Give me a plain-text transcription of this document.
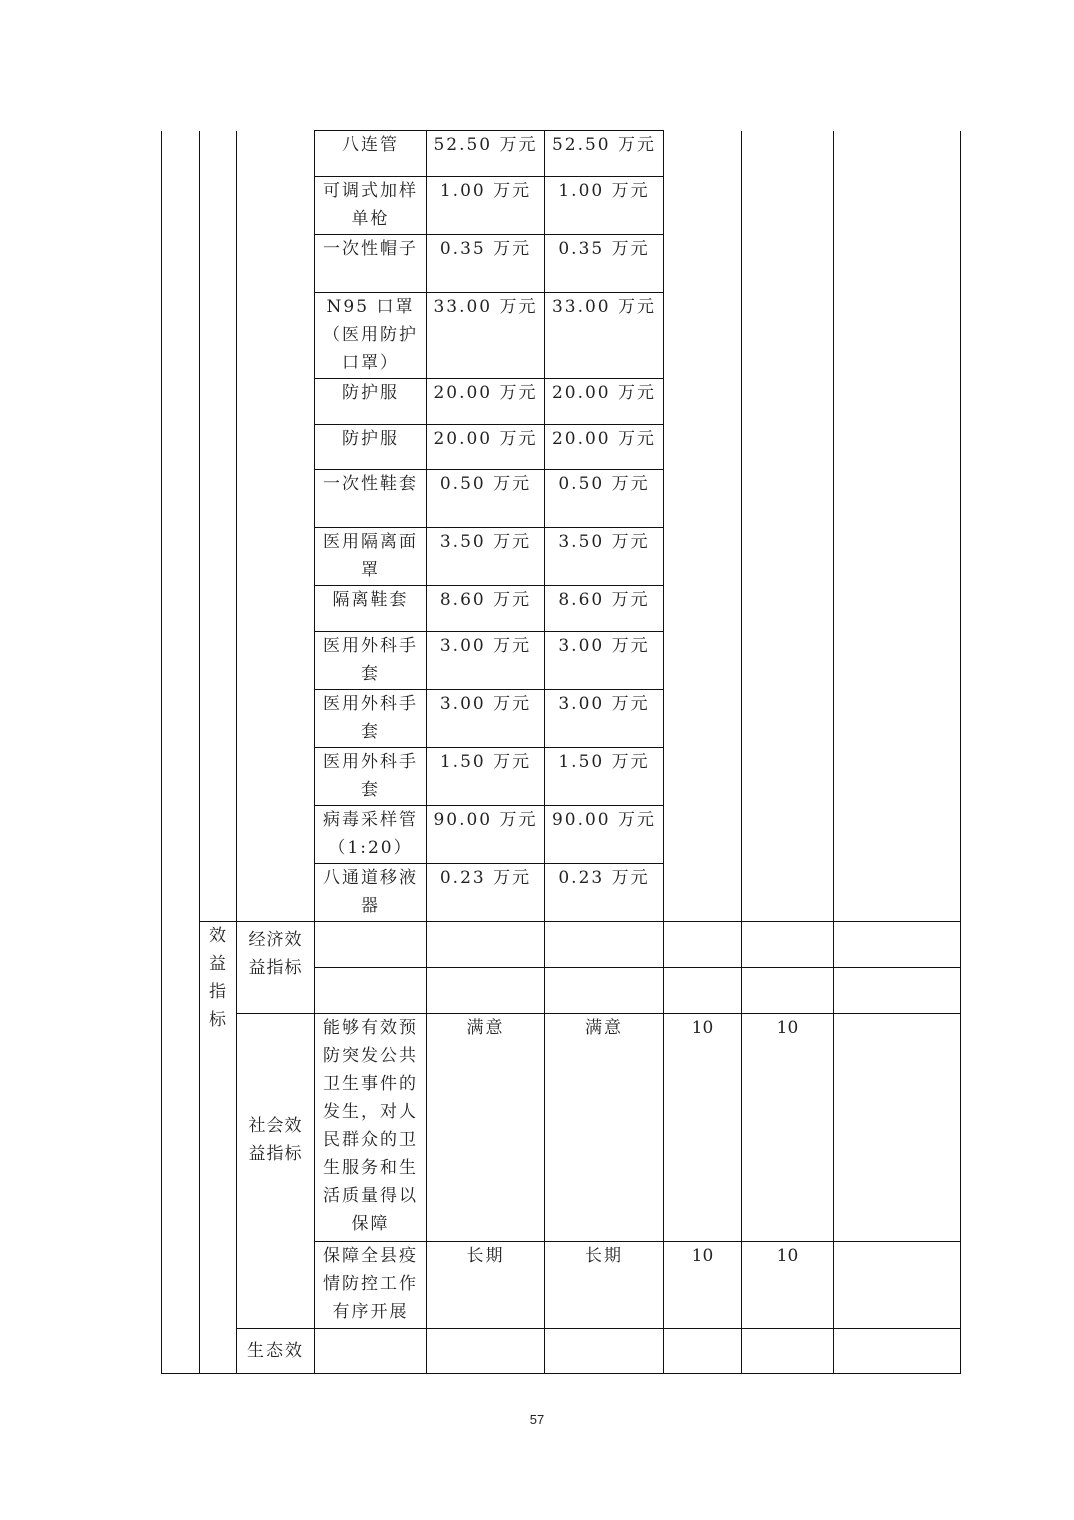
			八连管	52.50 万元	52.50 万元			
			可调式加样单枪	1.00 万元	1.00 万元			
			一次性帽子	0.35 万元	0.35 万元			
			N95 口罩（医用防护口罩）	33.00 万元	33.00 万元			
			防护服	20.00 万元	20.00 万元			
			防护服	20.00 万元	20.00 万元			
			一次性鞋套	0.50 万元	0.50 万元			
			医用隔离面罩	3.50 万元	3.50 万元			
			隔离鞋套	8.60 万元	8.60 万元			
			医用外科手套	3.00 万元	3.00 万元			
			医用外科手套	3.00 万元	3.00 万元			
			医用外科手套	1.50 万元	1.50 万元			
			病毒采样管（1:20）	90.00 万元	90.00 万元			
			八通道移液器	0.23 万元	0.23 万元			
	效益指标	经济效益指标						

		社会效益指标	能够有效预防突发公共卫生事件的发生，对人民群众的卫生服务和生活质量得以保障	满意	满意	10	10	
			保障全县疫情防控工作有序开展	长期	长期	10	10	
		生态效						
57
